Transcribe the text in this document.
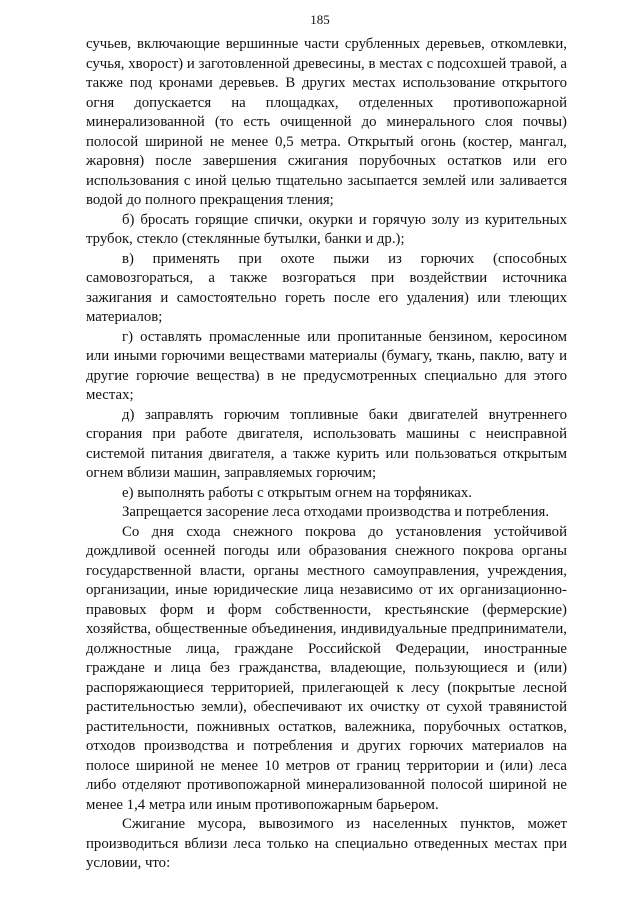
185

сучьев, включающие вершинные части срубленных деревьев, откомлевки, сучья, хворост) и заготовленной древесины, в местах с подсохшей травой, а также под кронами деревьев. В других местах использование открытого огня допускается на площадках, отделенных противопожарной минерализованной (то есть очищенной до минерального слоя почвы) полосой шириной не менее 0,5 метра. Открытый огонь (костер, мангал, жаровня) после завершения сжигания порубочных остатков или его использования с иной целью тщательно засыпается землей или заливается водой до полного прекращения тления;

б) бросать горящие спички, окурки и горячую золу из курительных трубок, стекло (стеклянные бутылки, банки и др.);

в) применять при охоте пыжи из горючих (способных самовозгораться, а также возгораться при воздействии источника зажигания и самостоятельно гореть после его удаления) или тлеющих материалов;

г) оставлять промасленные или пропитанные бензином, керосином или иными горючими веществами материалы (бумагу, ткань, паклю, вату и другие горючие вещества) в не предусмотренных специально для этого местах;

д) заправлять горючим топливные баки двигателей внутреннего сгорания при работе двигателя, использовать машины с неисправной системой питания двигателя, а также курить или пользоваться открытым огнем вблизи машин, заправляемых горючим;

е) выполнять работы с открытым огнем на торфяниках.

Запрещается засорение леса отходами производства и потребления.

Со дня схода снежного покрова до установления устойчивой дождливой осенней погоды или образования снежного покрова органы государственной власти, органы местного самоуправления, учреждения, организации, иные юридические лица независимо от их организационно-правовых форм и форм собственности, крестьянские (фермерские) хозяйства, общественные объединения, индивидуальные предприниматели, должностные лица, граждане Российской Федерации, иностранные граждане и лица без гражданства, владеющие, пользующиеся и (или) распоряжающиеся территорией, прилегающей к лесу (покрытые лесной растительностью земли), обеспечивают их очистку от сухой травянистой растительности, пожнивных остатков, валежника, порубочных остатков, отходов производства и потребления и других горючих материалов на полосе шириной не менее 10 метров от границ территории и (или) леса либо отделяют противопожарной минерализованной полосой шириной не менее 1,4 метра или иным противопожарным барьером.

Сжигание мусора, вывозимого из населенных пунктов, может производиться вблизи леса только на специально отведенных местах при условии, что:
